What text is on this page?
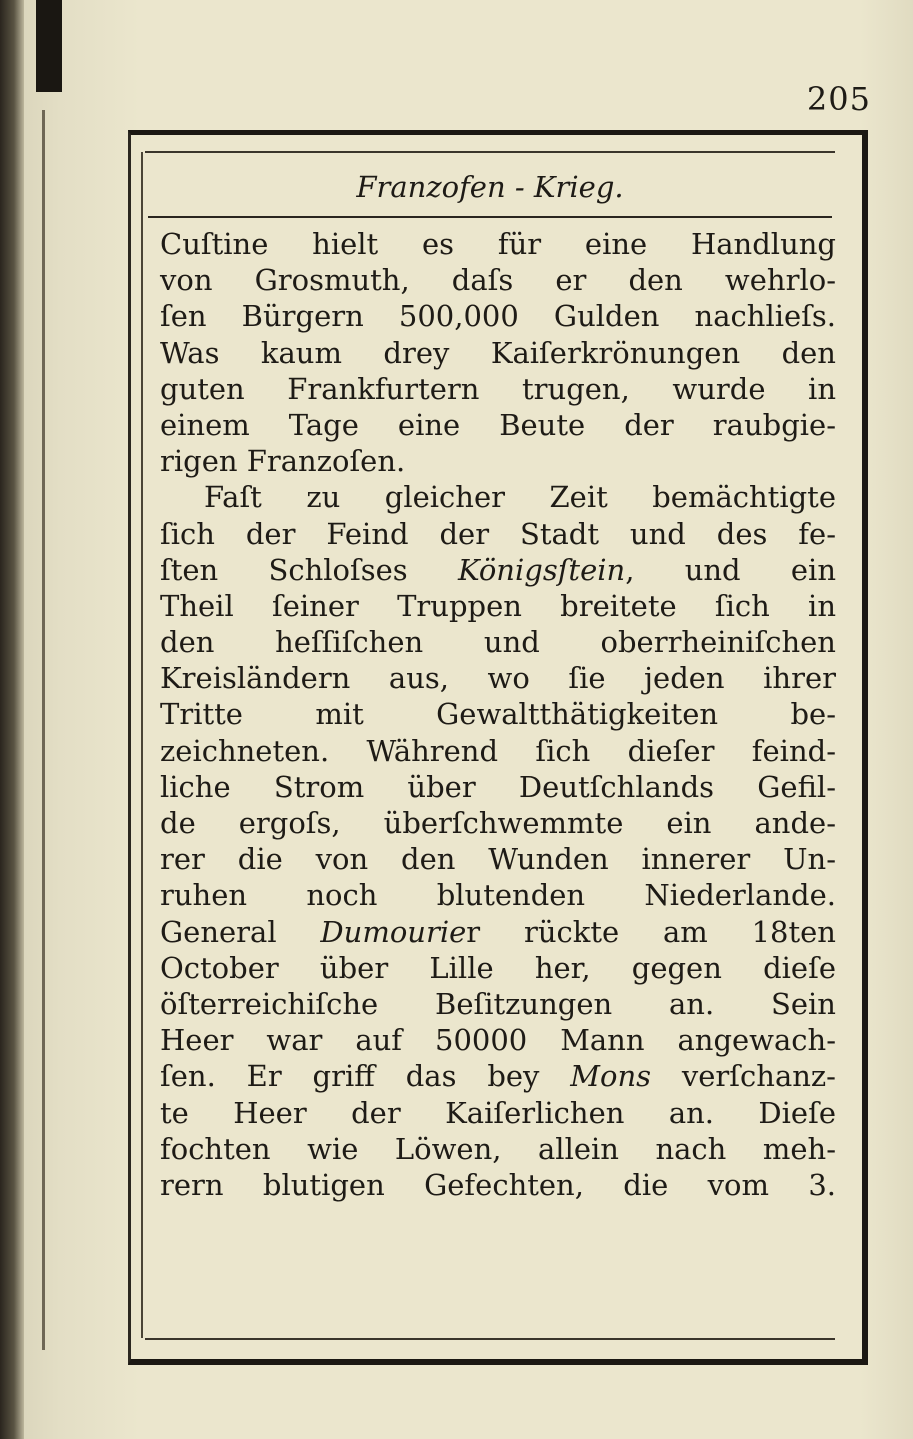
205
Franzofen - Krieg.
Cuſtine hielt es für eine Handlung
von Grosmuth, daſs er den wehrlo-
ſen Bürgern 500,000 Gulden nachlieſs.
Was kaum drey Kaiſerkrönungen den
guten Frankfurtern trugen, wurde in
einem Tage eine Beute der raubgie-
rigen Franzoſen.
Faſt zu gleicher Zeit bemächtigte
ſich der Feind der Stadt und des fe-
ſten Schloſses Königsſtein, und ein
Theil ſeiner Truppen breitete ſich in
den heſſiſchen und oberrheiniſchen
Kreisländern aus, wo ſie jeden ihrer
Tritte mit Gewaltthätigkeiten be-
zeichneten. Während ſich dieſer feind-
liche Strom über Deutſchlands Gefil-
de ergoſs, überſchwemmte ein ande-
rer die von den Wunden innerer Un-
ruhen noch blutenden Niederlande.
General Dumourier rückte am 18ten
October über Lille her, gegen dieſe
öſterreichiſche Beſitzungen an. Sein
Heer war auf 50000 Mann angewach-
ſen. Er griff das bey Mons verſchanz-
te Heer der Kaiſerlichen an. Dieſe
fochten wie Löwen, allein nach meh-
rern blutigen Gefechten, die vom 3.
